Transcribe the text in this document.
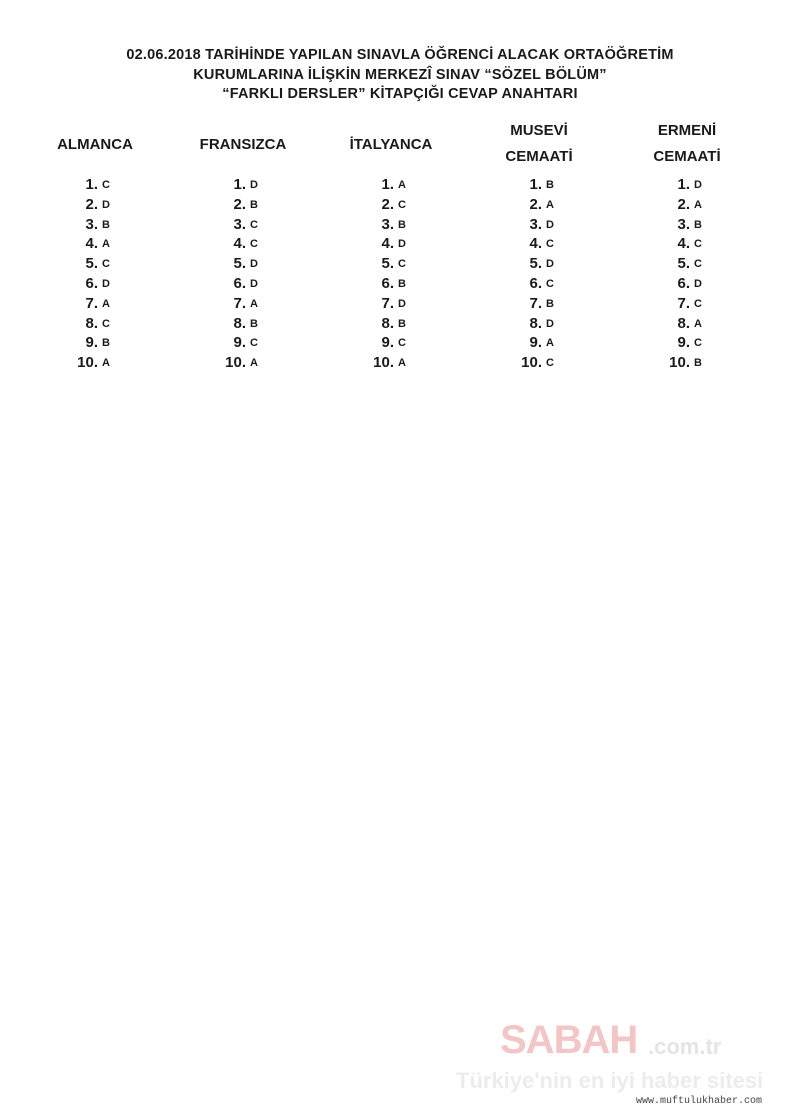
02.06.2018 TARİHİNDE YAPILAN SINAVLA ÖĞRENCİ ALACAK ORTAÖĞRETİM
KURUMLARINA İLİŞKİN MERKEZÎ SINAV “SÖZEL BÖLÜM”
“FARKLI DERSLER” KİTAPÇIĞI CEVAP ANAHTARI
ALMANCA
1. C
2. D
3. B
4. A
5. C
6. D
7. A
8. C
9. B
10. A
FRANSIZCA
1. D
2. B
3. C
4. C
5. D
6. D
7. A
8. B
9. C
10. A
İTALYANCA
1. A
2. C
3. B
4. D
5. C
6. B
7. D
8. B
9. C
10. A
MUSEVİ
CEMAATİ
1. B
2. A
3. D
4. C
5. D
6. C
7. B
8. D
9. A
10. C
ERMENİ
CEMAATİ
1. D
2. A
3. B
4. C
5. C
6. D
7. C
8. A
9. C
10. B
SABAH .com.tr
Türkiye'nin en iyi haber sitesi
www.muftulukhaber.com
